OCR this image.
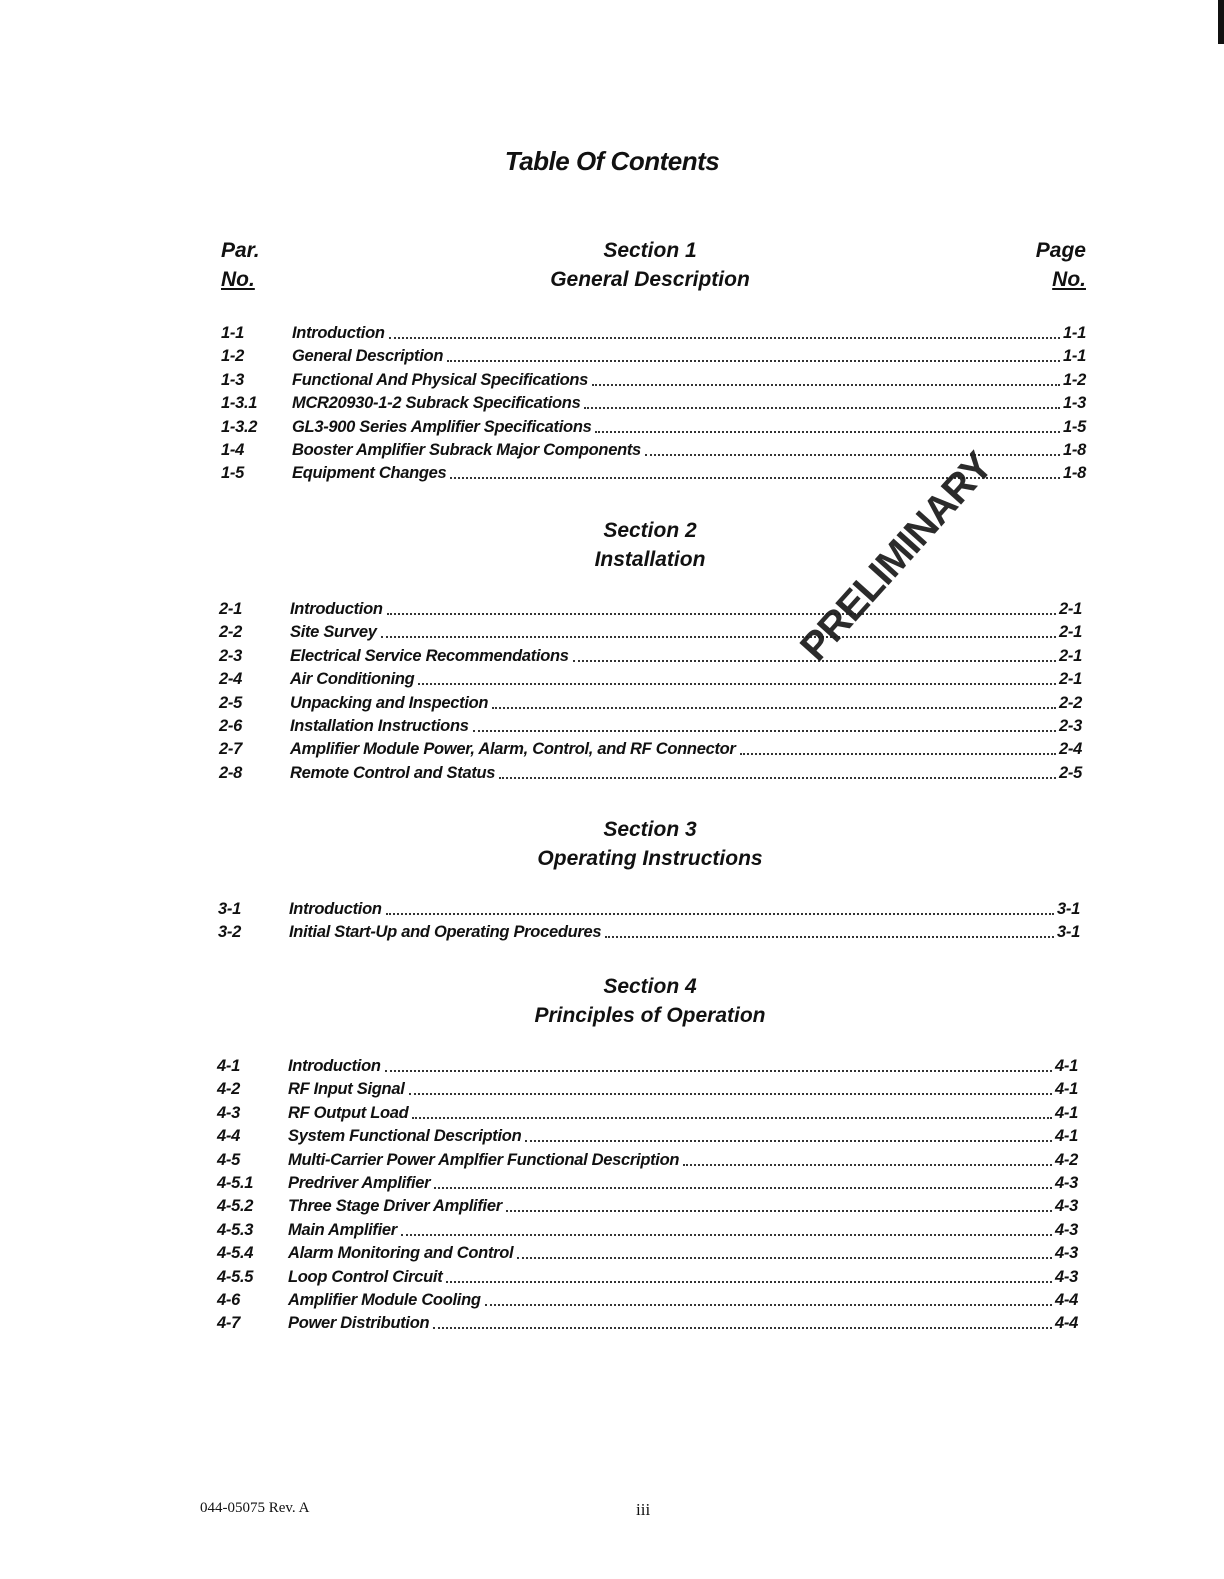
Table Of Contents
Par.
No.
Page
No.
Section 1
General Description
1-1	Introduction	1-1
1-2	General Description	1-1
1-3	Functional And Physical Specifications	1-2
1-3.1 MCR20930-1-2 Subrack Specifications	1-3
1-3.2 GL3-900 Series Amplifier Specifications	1-5
1-4	Booster Amplifier Subrack Major Components	1-8
1-5	Equipment Changes	1-8
Section 2
Installation
2-1	Introduction	2-1
2-2	Site Survey	2-1
2-3	Electrical Service Recommendations	2-1
2-4	Air Conditioning	2-1
2-5	Unpacking and Inspection	2-2
2-6	Installation Instructions	2-3
2-7	Amplifier Module Power, Alarm, Control, and RF Connector	2-4
2-8	Remote Control and Status	2-5
Section 3
Operating Instructions
3-1	Introduction	3-1
3-2	Initial Start-Up and Operating Procedures	3-1
Section 4
Principles of Operation
4-1	Introduction	4-1
4-2	RF Input Signal	4-1
4-3	RF Output Load	4-1
4-4	System Functional Description	4-1
4-5	Multi-Carrier Power Amplfier Functional Description	4-2
4-5.1 Predriver Amplifier	4-3
4-5.2 Three Stage Driver Amplifier	4-3
4-5.3 Main Amplifier	4-3
4-5.4 Alarm Monitoring and Control	4-3
4-5.5 Loop Control Circuit	4-3
4-6	Amplifier Module Cooling	4-4
4-7	Power Distribution	4-4
PRELIMINARY
044-05075 Rev. A	iii
